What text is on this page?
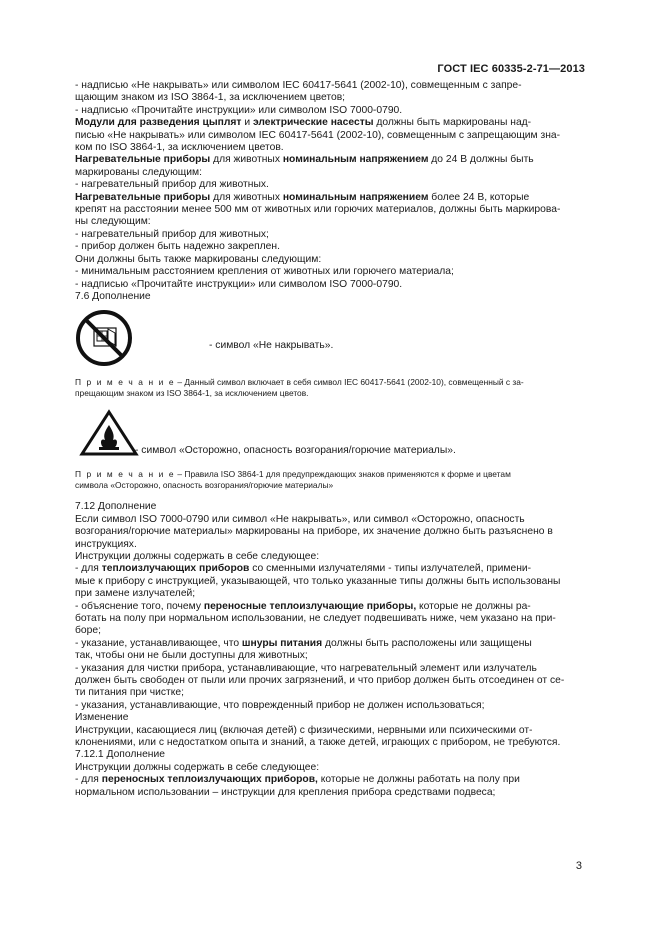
ГОСТ IEC 60335-2-71—2013

- надписью «Не накрывать» или символом IEC 60417-5641 (2002-10), совмещенным с запре-

щающим знаком из ISO 3864-1, за исключением цветов;

- надписью «Прочитайте инструкции» или символом ISO 7000-0790.

Модули для разведения цыплят и электрические насесты должны быть маркированы над-

писью «Не накрывать» или символом IEC 60417-5641 (2002-10), совмещенным с запрещающим зна-

ком по ISO 3864-1, за исключением цветов.

Нагревательные приборы для животных номинальным напряжением до 24 В должны быть

маркированы следующим:

- нагревательный прибор для животных.

Нагревательные приборы для животных номинальным напряжением более 24 В, которые

крепят на расстоянии менее 500 мм от животных или горючих материалов, должны быть маркирова-

ны следующим:

- нагревательный прибор для животных;

- прибор должен быть надежно закреплен.

Они должны быть также маркированы следующим:

- минимальным расстоянием крепления от животных или горючего материала;

- надписью «Прочитайте инструкции» или символом ISO 7000-0790.

7.6 Дополнение

- символ «Не накрывать».

П р и м е ч а н и е – Данный символ включает в себя символ IEC 60417-5641 (2002-10), совмещенный с за-

прещающим знаком из ISO 3864-1, за исключением цветов.

- символ «Осторожно, опасность возгорания/горючие материалы».

П р и м е ч а н и е – Правила ISO 3864-1 для предупреждающих знаков применяются к форме и цветам

символа «Осторожно, опасность возгорания/горючие материалы»

7.12 Дополнение

Если символ ISO 7000-0790 или символ «Не накрывать», или символ «Осторожно, опасность

возгорания/горючие материалы» маркированы на приборе, их значение должно быть разъяснено в

инструкциях.

Инструкции должны содержать в себе следующее:

- для теплоизлучающих приборов со сменными излучателями - типы излучателей, примени-

мые к прибору с инструкцией, указывающей, что только указанные типы должны быть использованы

при замене излучателей;

- объяснение того, почему переносные теплоизлучающие приборы, которые не должны ра-

ботать на полу при нормальном использовании, не следует подвешивать ниже, чем указано на при-

боре;

- указание, устанавливающее, что шнуры питания должны быть расположены или защищены

так, чтобы они не были доступны для животных;

- указания для чистки прибора, устанавливающие, что нагревательный элемент или излучатель

должен быть свободен от пыли или прочих загрязнений, и что прибор должен быть отсоединен от се-

ти питания при чистке;

- указания, устанавливающие, что поврежденный прибор не должен использоваться;

Изменение

Инструкции, касающиеся лиц (включая детей) с физическими, нервными или психическими от-

клонениями, или с недостатком опыта и знаний, а также детей, играющих с прибором, не требуются.

7.12.1 Дополнение

Инструкции должны содержать в себе следующее:

- для переносных теплоизлучающих приборов, которые не должны работать на полу при

нормальном использовании – инструкции для крепления прибора средствами подвеса;

3
